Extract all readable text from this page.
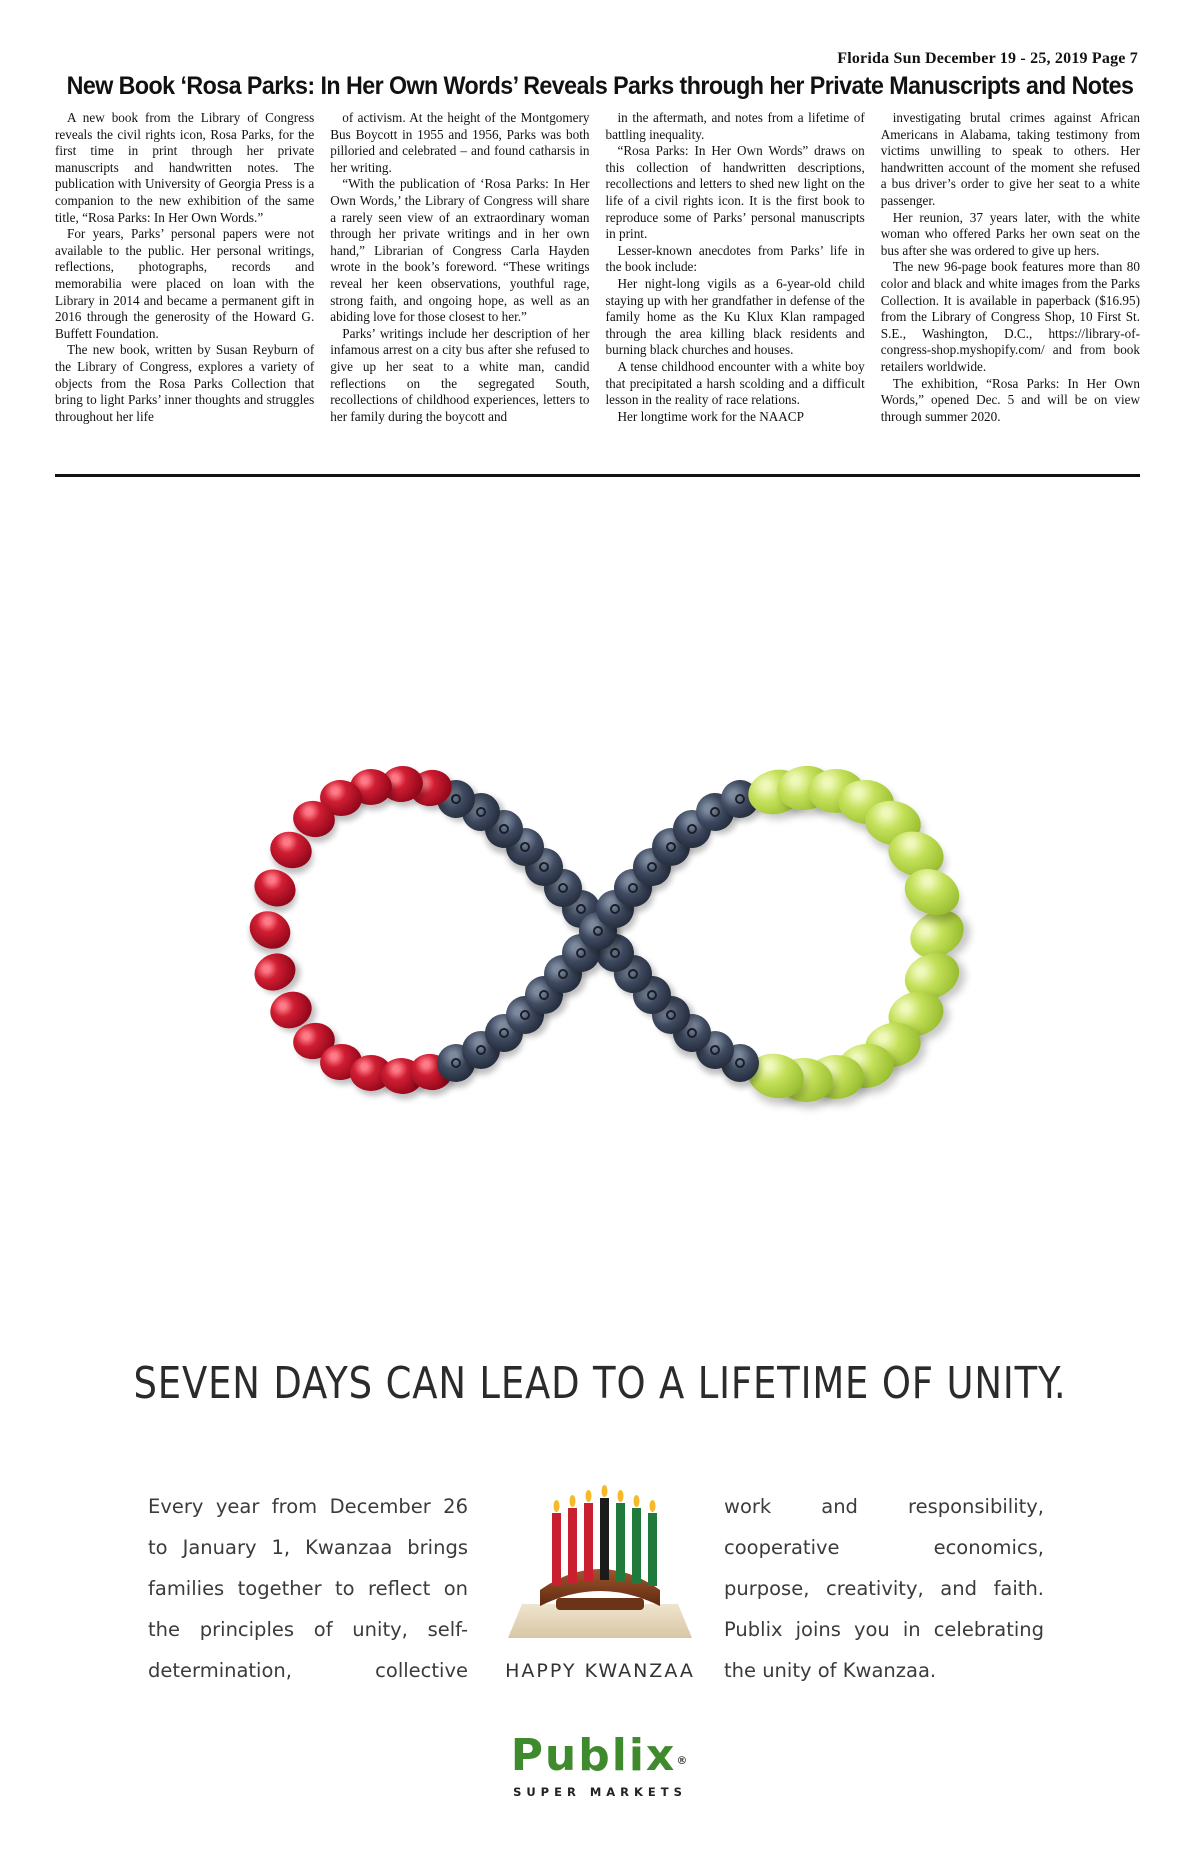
Florida Sun December 19 - 25, 2019 Page 7
New Book ‘Rosa Parks: In Her Own Words’ Reveals Parks through her Private Manuscripts and Notes

A new book from the Library of Congress reveals the civil rights icon, Rosa Parks, for the first time in print through her private manuscripts and handwritten notes. The publication with University of Georgia Press is a companion to the new exhibition of the same title, “Rosa Parks: In Her Own Words.”

For years, Parks’ personal papers were not available to the public. Her personal writings, reflections, photographs, records and memorabilia were placed on loan with the Library in 2014 and became a permanent gift in 2016 through the generosity of the Howard G. Buffett Foundation.

The new book, written by Susan Reyburn of the Library of Congress, explores a variety of objects from the Rosa Parks Collection that bring to light Parks’ inner thoughts and struggles throughout her life

of activism. At the height of the Montgomery Bus Boycott in 1955 and 1956, Parks was both pilloried and celebrated – and found catharsis in her writing.

“With the publication of ‘Rosa Parks: In Her Own Words,’ the Library of Congress will share a rarely seen view of an extraordinary woman through her private writings and in her own hand,” Librarian of Congress Carla Hayden wrote in the book’s foreword. “These writings reveal her keen observations, youthful rage, strong faith, and ongoing hope, as well as an abiding love for those closest to her.”

Parks’ writings include her description of her infamous arrest on a city bus after she refused to give up her seat to a white man, candid reflections on the segregated South, recollections of childhood experiences, letters to her family during the boycott and

in the aftermath, and notes from a lifetime of battling inequality.

“Rosa Parks: In Her Own Words” draws on this collection of handwritten descriptions, recollections and letters to shed new light on the life of a civil rights icon. It is the first book to reproduce some of Parks’ personal manuscripts in print.

Lesser-known anecdotes from Parks’ life in the book include:

Her night-long vigils as a 6-year-old child staying up with her grandfather in defense of the family home as the Ku Klux Klan rampaged through the area killing black residents and burning black churches and houses.

A tense childhood encounter with a white boy that precipitated a harsh scolding and a difficult lesson in the reality of race relations.

Her longtime work for the NAACP

investigating brutal crimes against African Americans in Alabama, taking testimony from victims unwilling to speak to others. Her handwritten account of the moment she refused a bus driver’s order to give her seat to a white passenger.

Her reunion, 37 years later, with the white woman who offered Parks her own seat on the bus after she was ordered to give up hers.

The new 96-page book features more than 80 color and black and white images from the Parks Collection. It is available in paperback ($16.95) from the Library of Congress Shop, 10 First St. S.E., Washington, D.C., https://library-of-congress-shop.myshopify.com/ and from book retailers worldwide.

The exhibition, “Rosa Parks: In Her Own Words,” opened Dec. 5 and will be on view through summer 2020.

SEVEN DAYS CAN LEAD TO A LIFETIME OF UNITY.
Every year from December 26 to January 1, Kwanzaa brings families together to reflect on the principles of unity, self-determination, collective
work and responsibility, cooperative economics, purpose, creativity, and faith. Publix joins you in celebrating the unity of Kwanzaa.
HAPPY KWANZAA
Publix®
SUPER MARKETS
